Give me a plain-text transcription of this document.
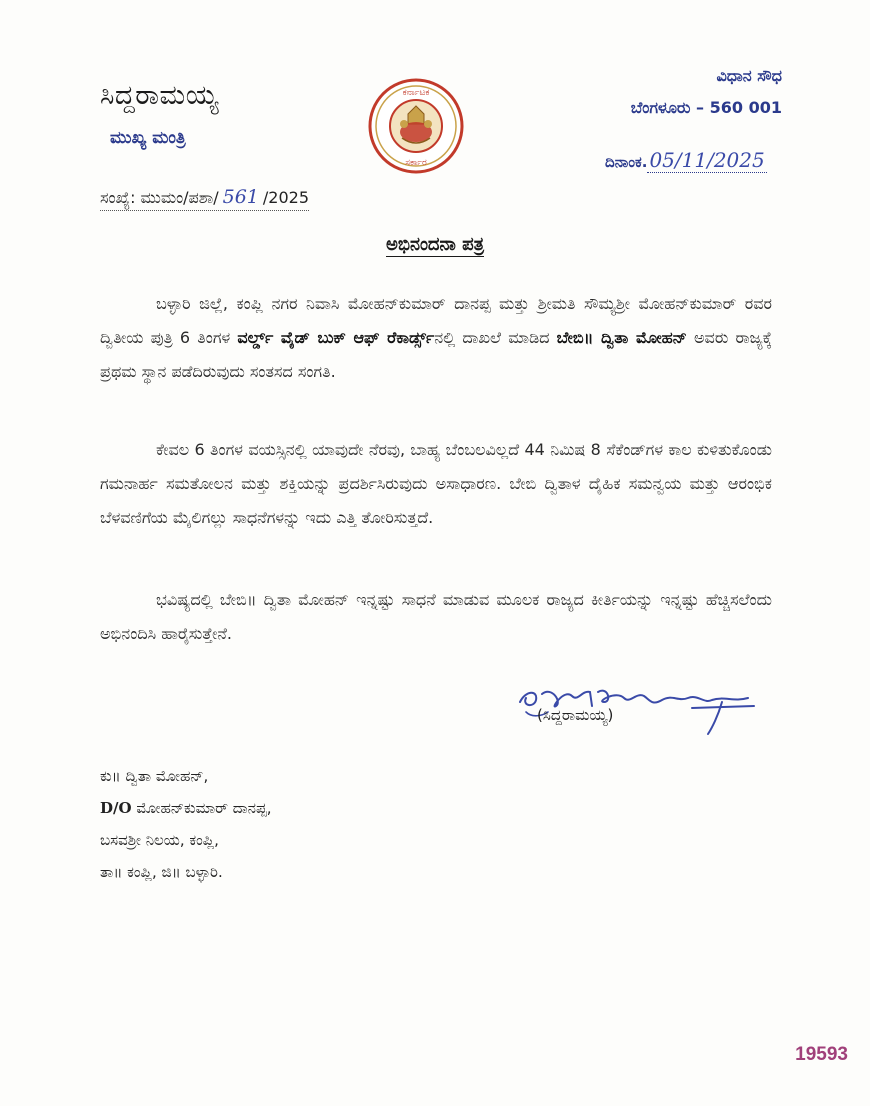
ಸಿದ್ದರಾಮಯ್ಯ
ಮುಖ್ಯ ಮಂತ್ರಿ
ಕರ್ನಾಟಕ
ಸರ್ಕಾರ
ವಿಧಾನ ಸೌಧ
ಬೆಂಗಳೂರು – 560 001
ದಿನಾಂಕ. 05/11/2025
ಸಂಖ್ಯೆ: ಮುಮಂ/ಪಶಾ/ 561 /2025
ಅಭಿನಂದನಾ ಪತ್ರ
ಬಳ್ಳಾರಿ ಜಿಲ್ಲೆ, ಕಂಪ್ಲಿ ನಗರ ನಿವಾಸಿ ಮೋಹನ್‌ಕುಮಾರ್ ದಾನಪ್ಪ ಮತ್ತು ಶ್ರೀಮತಿ ಸೌಮ್ಯಶ್ರೀ ಮೋಹನ್‌ಕುಮಾರ್ ರವರ ದ್ವಿತೀಯ ಪುತ್ರಿ 6 ತಿಂಗಳ ವರ್ಲ್ಡ್ ವೈಡ್ ಬುಕ್ ಆಫ್ ರೆಕಾರ್ಡ್ಸ್ನಲ್ಲಿ ದಾಖಲೆ ಮಾಡಿದ ಬೇಬಿ॥ ದ್ವಿತಾ ಮೋಹನ್ ಅವರು ರಾಜ್ಯಕ್ಕೆ ಪ್ರಥಮ ಸ್ಥಾನ ಪಡೆದಿರುವುದು ಸಂತಸದ ಸಂಗತಿ.
ಕೇವಲ 6 ತಿಂಗಳ ವಯಸ್ಸಿನಲ್ಲಿ ಯಾವುದೇ ನೆರವು, ಬಾಹ್ಯ ಬೆಂಬಲವಿಲ್ಲದೆ 44 ನಿಮಿಷ 8 ಸೆಕೆಂಡ್‌ಗಳ ಕಾಲ ಕುಳಿತುಕೊಂಡು ಗಮನಾರ್ಹ ಸಮತೋಲನ ಮತ್ತು ಶಕ್ತಿಯನ್ನು ಪ್ರದರ್ಶಿಸಿರುವುದು ಅಸಾಧಾರಣ. ಬೇಬಿ ದ್ವಿತಾಳ ದೈಹಿಕ ಸಮನ್ವಯ ಮತ್ತು ಆರಂಭಿಕ ಬೆಳವಣಿಗೆಯ ಮೈಲಿಗಲ್ಲು ಸಾಧನೆಗಳನ್ನು ಇದು ಎತ್ತಿ ತೋರಿಸುತ್ತದೆ.
ಭವಿಷ್ಯದಲ್ಲಿ ಬೇಬಿ॥ ದ್ವಿತಾ ಮೋಹನ್ ಇನ್ನಷ್ಟು ಸಾಧನೆ ಮಾಡುವ ಮೂಲಕ ರಾಜ್ಯದ ಕೀರ್ತಿಯನ್ನು ಇನ್ನಷ್ಟು ಹೆಚ್ಚಿಸಲೆಂದು ಅಭಿನಂದಿಸಿ ಹಾರೈಸುತ್ತೇನೆ.
(ಸಿದ್ದರಾಮಯ್ಯ)
ಕು॥ ದ್ವಿತಾ ಮೋಹನ್,
D/O ಮೋಹನ್‌ಕುಮಾರ್ ದಾನಪ್ಪ,
ಬಸವಶ್ರೀ ನಿಲಯ, ಕಂಪ್ಲಿ,
ತಾ॥ ಕಂಪ್ಲಿ, ಜಿ॥ ಬಳ್ಳಾರಿ.
19593
